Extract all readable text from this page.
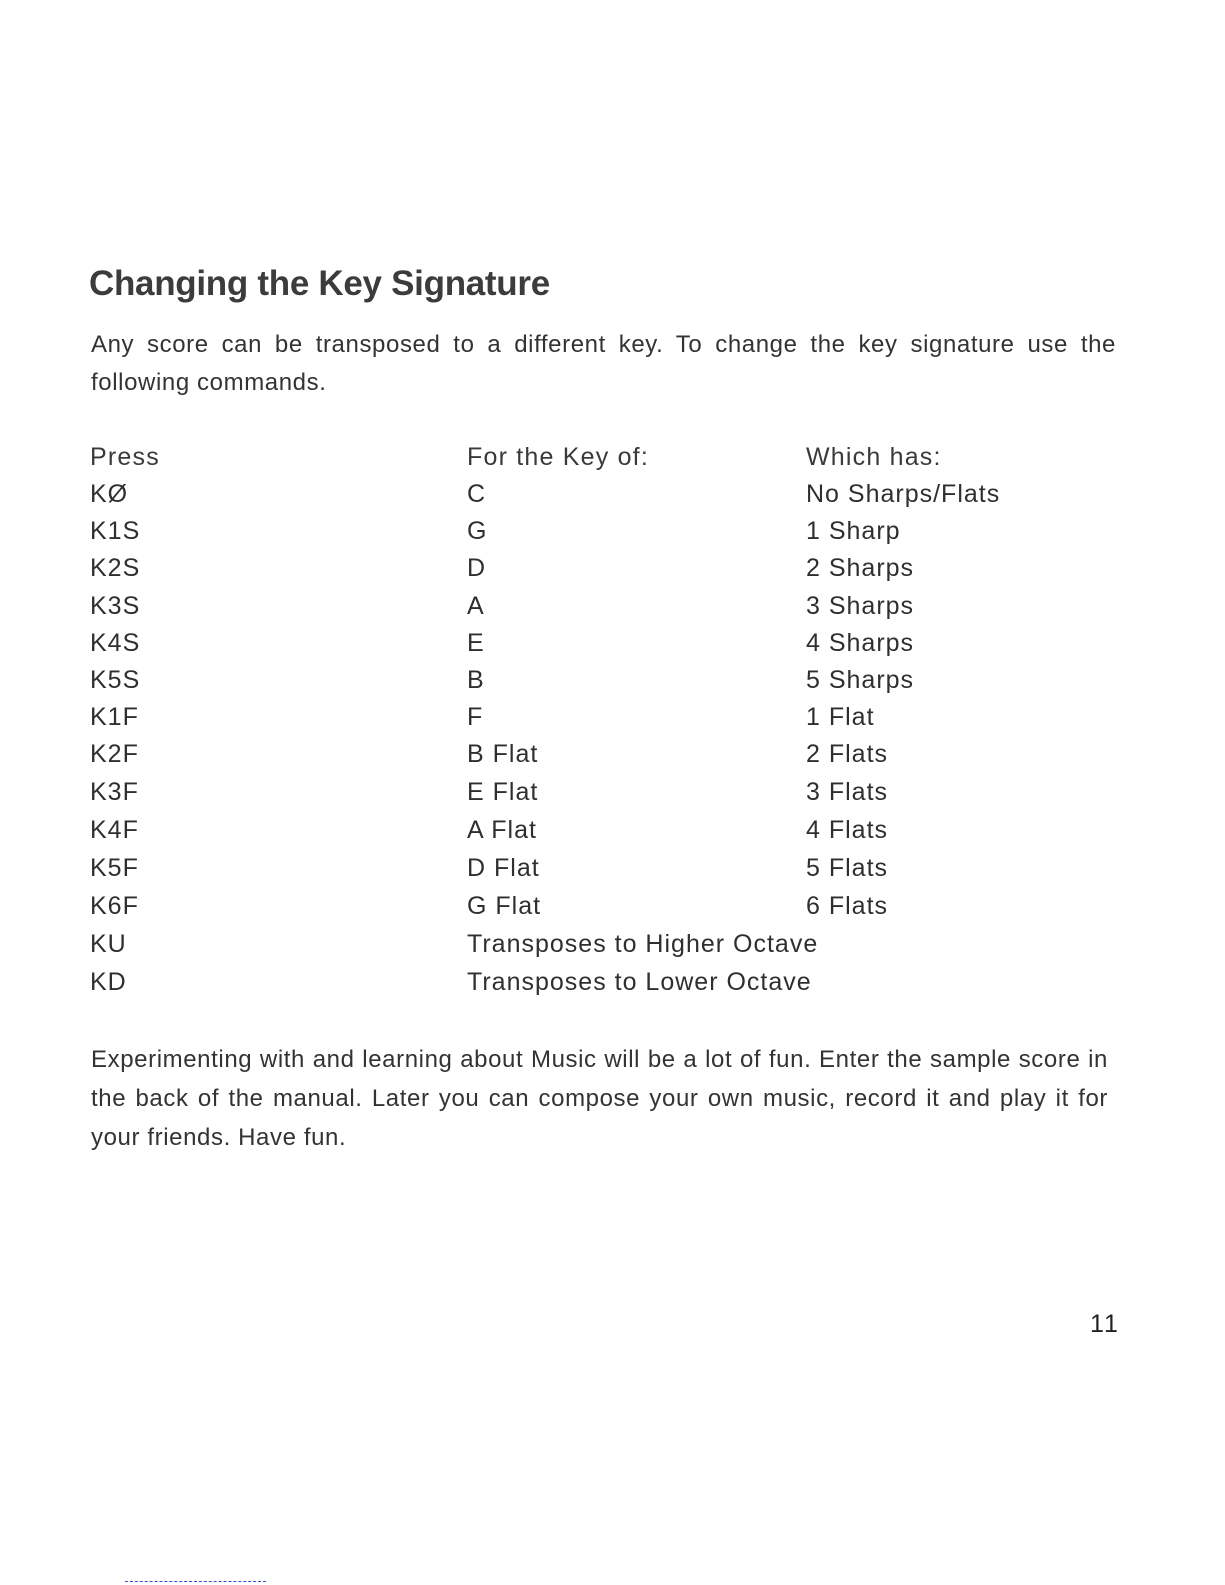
Changing the Key Signature

Any score can be transposed to a different key. To change the key signature use the following commands.

Press	For the Key of:	Which has:
KØ	C	No Sharps/Flats
K1S	G	1 Sharp
K2S	D	2 Sharps
K3S	A	3 Sharps
K4S	E	4 Sharps
K5S	B	5 Sharps
K1F	F	1 Flat
K2F	B Flat	2 Flats
K3F	E Flat	3 Flats
K4F	A Flat	4 Flats
K5F	D Flat	5 Flats
K6F	G Flat	6 Flats
KU	Transposes to Higher Octave
KD	Transposes to Lower Octave

Experimenting with and learning about Music will be a lot of fun. Enter the sample score in the back of the manual. Later you can compose your own music, record it and play it for your friends. Have fun.

11
